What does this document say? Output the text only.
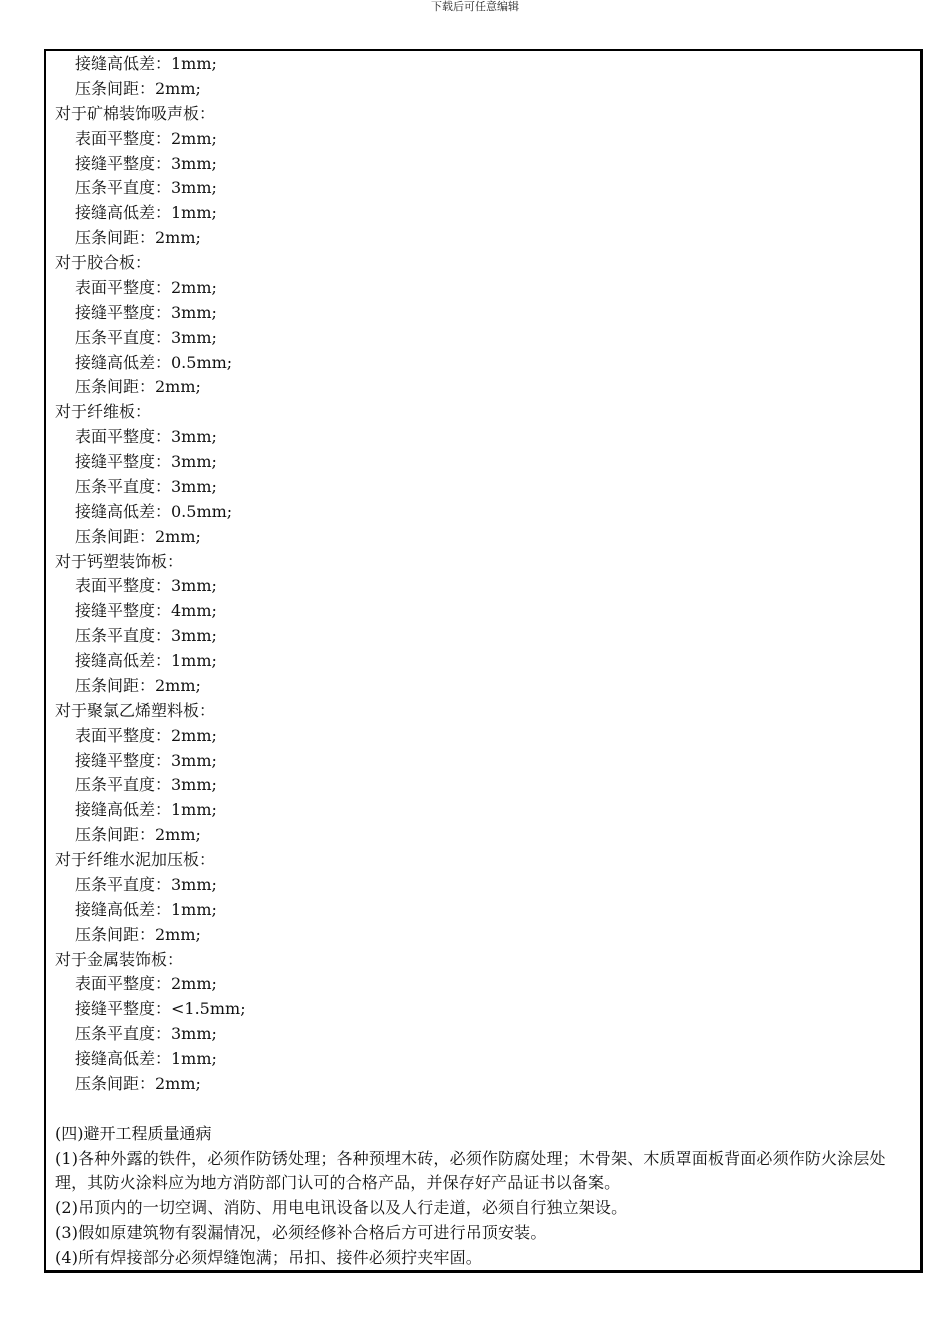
下载后可任意编辑
接缝高低差：1mm;
压条间距：2mm;
对于矿棉装饰吸声板：
表面平整度：2mm;
接缝平整度：3mm;
压条平直度：3mm;
接缝高低差：1mm;
压条间距：2mm;
对于胶合板：
表面平整度：2mm;
接缝平整度：3mm;
压条平直度：3mm;
接缝高低差：0.5mm;
压条间距：2mm;
对于纤维板：
表面平整度：3mm;
接缝平整度：3mm;
压条平直度：3mm;
接缝高低差：0.5mm;
压条间距：2mm;
对于钙塑装饰板：
表面平整度：3mm;
接缝平整度：4mm;
压条平直度：3mm;
接缝高低差：1mm;
压条间距：2mm;
对于聚氯乙烯塑料板：
表面平整度：2mm;
接缝平整度：3mm;
压条平直度：3mm;
接缝高低差：1mm;
压条间距：2mm;
对于纤维水泥加压板：
压条平直度：3mm;
接缝高低差：1mm;
压条间距：2mm;
对于金属装饰板：
表面平整度：2mm;
接缝平整度：<1.5mm;
压条平直度：3mm;
接缝高低差：1mm;
压条间距：2mm;
(四)避开工程质量通病
(1)各种外露的铁件，必须作防锈处理；各种预埋木砖，必须作防腐处理；木骨架、木质罩面板背面必须作防火涂层处理，其防火涂料应为地方消防部门认可的合格产品，并保存好产品证书以备案。
(2)吊顶内的一切空调、消防、用电电讯设备以及人行走道，必须自行独立架设。
(3)假如原建筑物有裂漏情况，必须经修补合格后方可进行吊顶安装。
(4)所有焊接部分必须焊缝饱满；吊扣、接件必须拧夹牢固。
